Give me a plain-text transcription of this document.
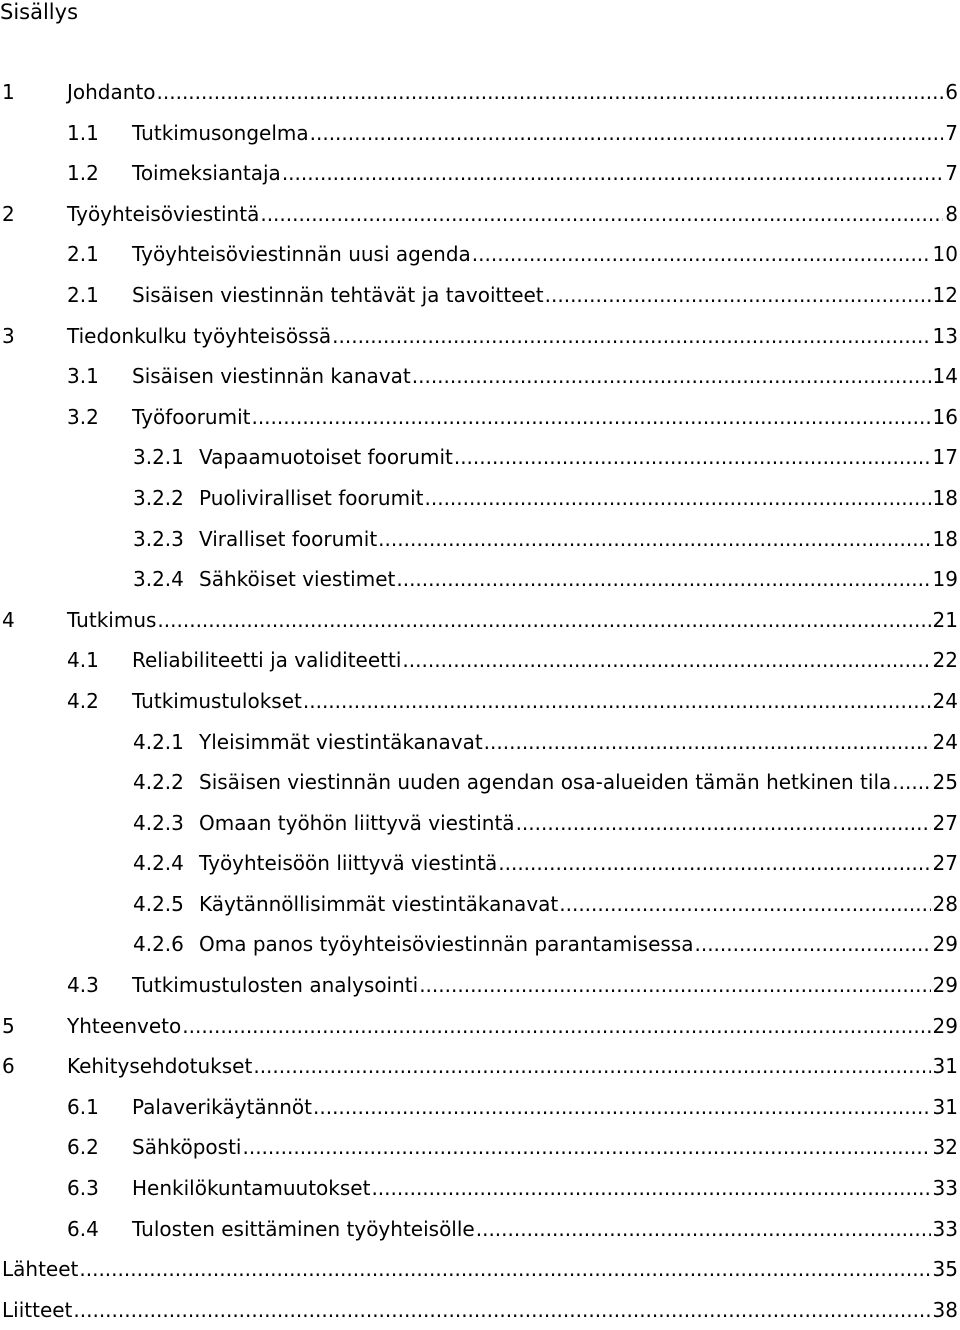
Sisällys
1	Johdanto .....	6
1.1 Tutkimusongelma .....	7
1.2 Toimeksiantaja .....	7
2	Työyhteisöviestintä .....	8
2.1 Työyhteisöviestinnän uusi agenda .....	10
2.1 Sisäisen viestinnän tehtävät ja tavoitteet .....	12
3	Tiedonkulku työyhteisössä .....	13
3.1 Sisäisen viestinnän kanavat .....	14
3.2 Työfoorumit .....	16
3.2.1 Vapaamuotoiset foorumit .....	17
3.2.2 Puoliviralliset foorumit .....	18
3.2.3 Viralliset foorumit .....	18
3.2.4 Sähköiset viestimet .....	19
4	Tutkimus .....	21
4.1 Reliabiliteetti ja validiteetti .....	22
4.2 Tutkimustulokset .....	24
4.2.1 Yleisimmät viestintäkanavat .....	24
4.2.2 Sisäisen viestinnän uuden agendan osa-alueiden tämän hetkinen tila ..... 25
4.2.3 Omaan työhön liittyvä viestintä .....	27
4.2.4 Työyhteisöön liittyvä viestintä .....	27
4.2.5 Käytännöllisimmät viestintäkanavat .....	28
4.2.6 Oma panos työyhteisöviestinnän parantamisessa .....	29
4.3 Tutkimustulosten analysointi .....	29
5	Yhteenveto .....	29
6	Kehitysehdotukset .....	31
6.1 Palaverikäytännöt .....	31
6.2 Sähköposti .....	32
6.3 Henkilökuntamuutokset .....	33
6.4 Tulosten esittäminen työyhteisölle .....	33
Lähteet .....	35
Liitteet .....	38
